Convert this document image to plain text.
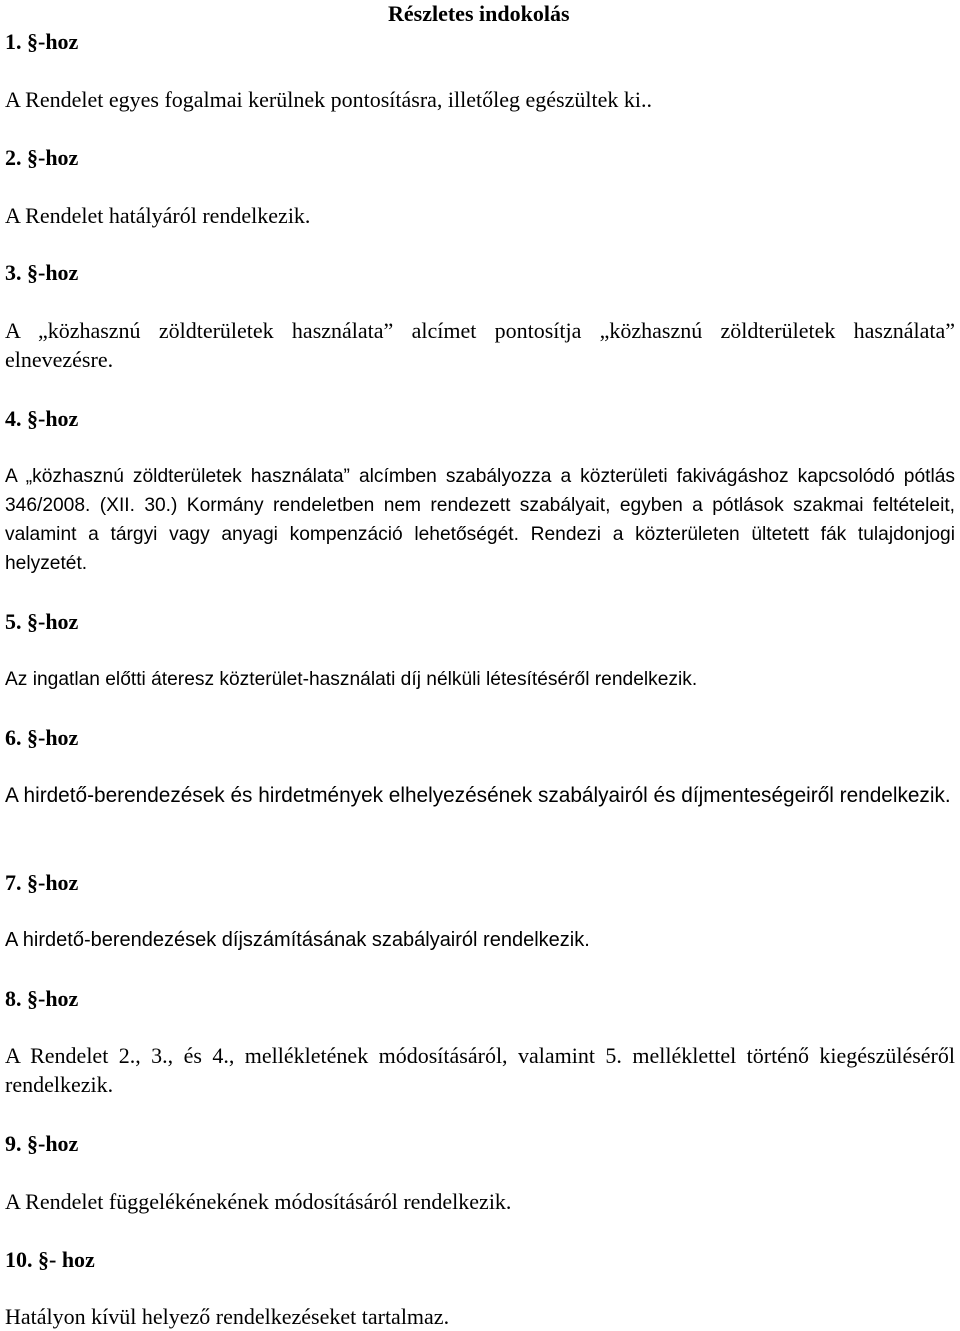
Részletes indokolás

1. §-hoz

A Rendelet egyes fogalmai kerülnek pontosításra, illetőleg egészültek ki..

2. §-hoz

A Rendelet hatályáról rendelkezik.

3. §-hoz

A „közhasznú zöldterületek használata” alcímet pontosítja „közhasznú zöldterületek használata” elnevezésre.

4. §-hoz

A „közhasznú zöldterületek használata” alcímben szabályozza a közterületi fakivágáshoz kapcsolódó pótlás 346/2008. (XII. 30.) Kormány rendeletben nem rendezett szabályait, egyben a pótlások szakmai feltételeit, valamint a tárgyi vagy anyagi kompenzáció lehetőségét. Rendezi a közterületen ültetett fák tulajdonjogi helyzetét.

5. §-hoz

Az ingatlan előtti áteresz közterület-használati díj nélküli létesítéséről rendelkezik.

6. §-hoz

A hirdető-berendezések és hirdetmények elhelyezésének szabályairól és díjmenteségeiről rendelkezik.

7. §-hoz

A hirdető-berendezések díjszámításának szabályairól rendelkezik.

8. §-hoz

A Rendelet 2., 3., és 4., mellékletének módosításáról, valamint 5. melléklettel történő kiegészüléséről rendelkezik.

9. §-hoz

A Rendelet függelékénekének módosításáról rendelkezik.

10. §- hoz

Hatályon kívül helyező rendelkezéseket tartalmaz.
